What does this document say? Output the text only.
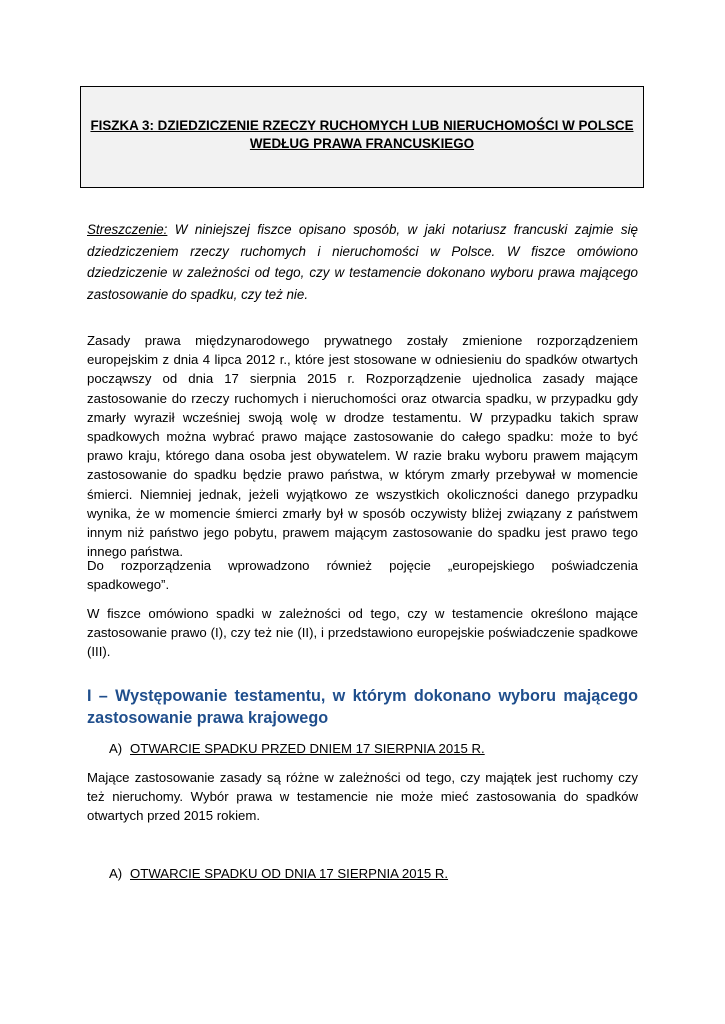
FISZKA 3: DZIEDZICZENIE RZECZY RUCHOMYCH LUB NIERUCHOMOŚCI W POLSCE
WEDŁUG PRAWA FRANCUSKIEGO
Streszczenie: W niniejszej fiszce opisano sposób, w jaki notariusz francuski zajmie się dziedziczeniem rzeczy ruchomych i nieruchomości w Polsce. W fiszce omówiono dziedziczenie w zależności od tego, czy w testamencie dokonano wyboru prawa mającego zastosowanie do spadku, czy też nie.
Zasady prawa międzynarodowego prywatnego zostały zmienione rozporządzeniem europejskim z dnia 4 lipca 2012 r., które jest stosowane w odniesieniu do spadków otwartych począwszy od dnia 17 sierpnia 2015 r. Rozporządzenie ujednolica zasady mające zastosowanie do rzeczy ruchomych i nieruchomości oraz otwarcia spadku, w przypadku gdy zmarły wyraził wcześniej swoją wolę w drodze testamentu. W przypadku takich spraw spadkowych można wybrać prawo mające zastosowanie do całego spadku: może to być prawo kraju, którego dana osoba jest obywatelem. W razie braku wyboru prawem mającym zastosowanie do spadku będzie prawo państwa, w którym zmarły przebywał w momencie śmierci. Niemniej jednak, jeżeli wyjątkowo ze wszystkich okoliczności danego przypadku wynika, że w momencie śmierci zmarły był w sposób oczywisty bliżej związany z państwem innym niż państwo jego pobytu, prawem mającym zastosowanie do spadku jest prawo tego innego państwa.
Do rozporządzenia wprowadzono również pojęcie „europejskiego poświadczenia spadkowego”.
W fiszce omówiono spadki w zależności od tego, czy w testamencie określono mające zastosowanie prawo (I), czy też nie (II), i przedstawiono europejskie poświadczenie spadkowe (III).
I – Występowanie testamentu, w którym dokonano wyboru mającego zastosowanie prawa krajowego
A) OTWARCIE SPADKU PRZED DNIEM 17 SIERPNIA 2015 R.
Mające zastosowanie zasady są różne w zależności od tego, czy majątek jest ruchomy czy też nieruchomy. Wybór prawa w testamencie nie może mieć zastosowania do spadków otwartych przed 2015 rokiem.
A) OTWARCIE SPADKU OD DNIA 17 SIERPNIA 2015 R.
